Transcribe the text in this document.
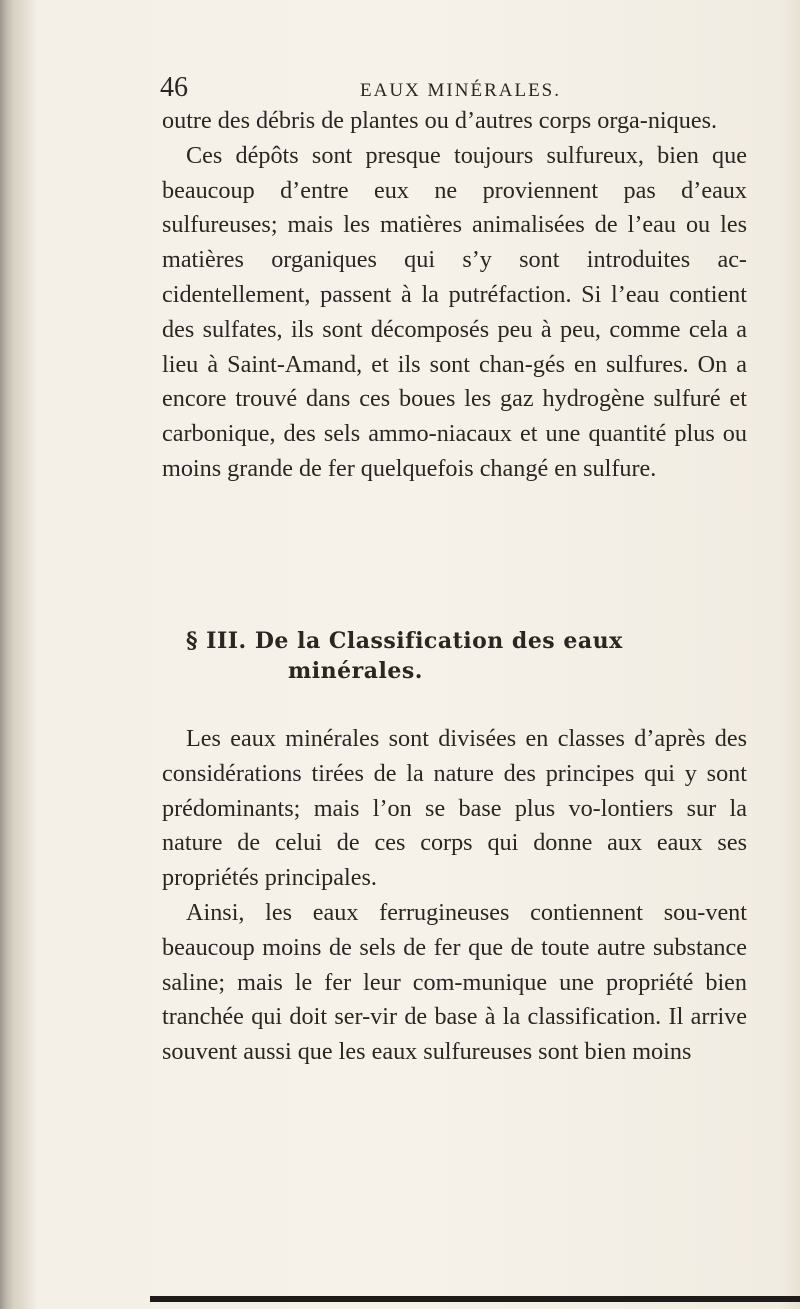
46	EAUX MINÉRALES.

outre des débris de plantes ou d’autres corps orga-niques.

Ces dépôts sont presque toujours sulfureux, bien que beaucoup d’entre eux ne proviennent pas d’eaux sulfureuses; mais les matières animalisées de l’eau ou les matières organiques qui s’y sont introduites ac-cidentellement, passent à la putréfaction. Si l’eau contient des sulfates, ils sont décomposés peu à peu, comme cela a lieu à Saint-Amand, et ils sont chan-gés en sulfures. On a encore trouvé dans ces boues les gaz hydrogène sulfuré et carbonique, des sels ammo-niacaux et une quantité plus ou moins grande de fer quelquefois changé en sulfure.

§ III. De la Classification des eaux
minérales.

Les eaux minérales sont divisées en classes d’après des considérations tirées de la nature des principes qui y sont prédominants; mais l’on se base plus vo-lontiers sur la nature de celui de ces corps qui donne aux eaux ses propriétés principales.

Ainsi, les eaux ferrugineuses contiennent sou-vent beaucoup moins de sels de fer que de toute autre substance saline; mais le fer leur com-munique une propriété bien tranchée qui doit ser-vir de base à la classification. Il arrive souvent aussi que les eaux sulfureuses sont bien moins
